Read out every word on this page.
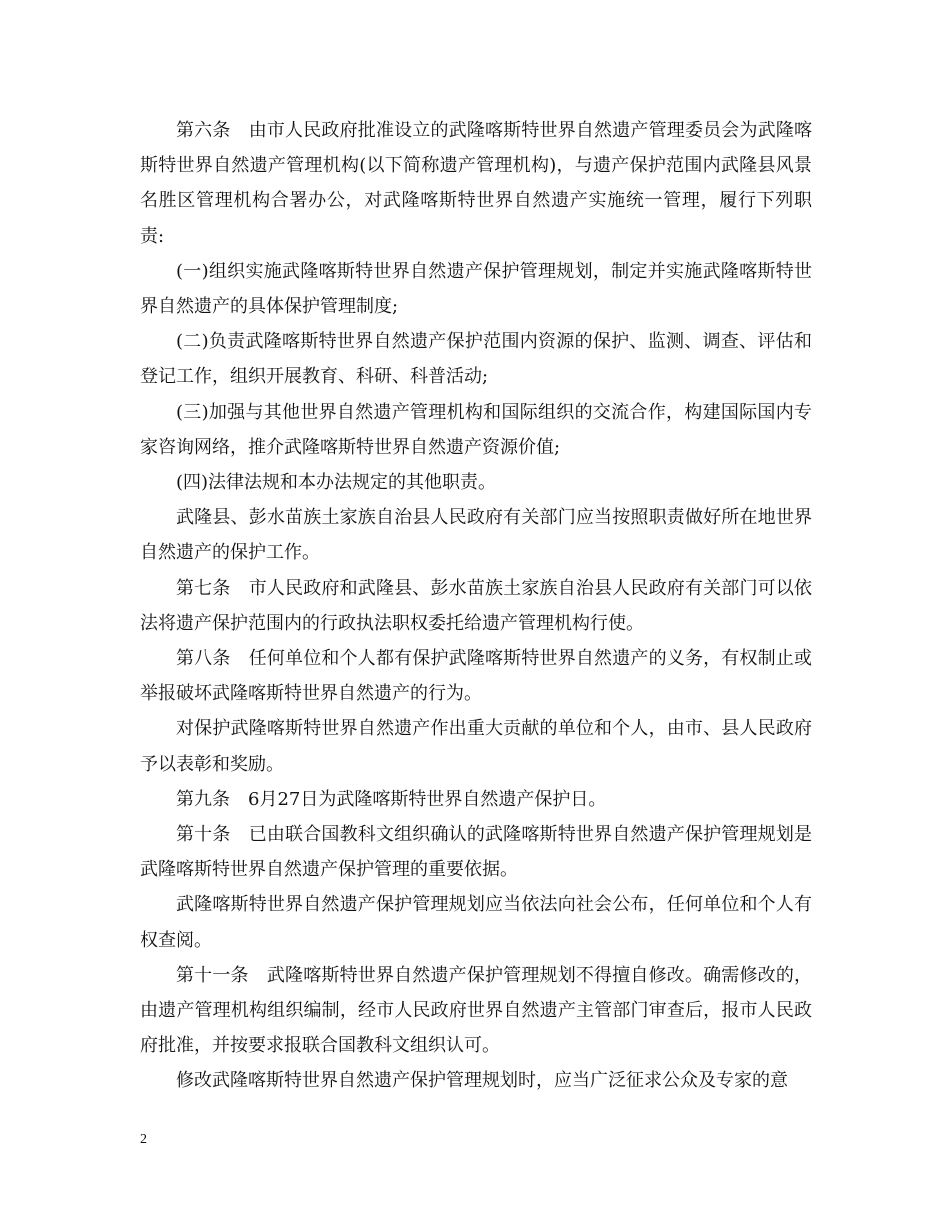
第六条　由市人民政府批准设立的武隆喀斯特世界自然遗产管理委员会为武隆喀斯特世界自然遗产管理机构(以下简称遗产管理机构)，与遗产保护范围内武隆县风景名胜区管理机构合署办公，对武隆喀斯特世界自然遗产实施统一管理，履行下列职责:

(一)组织实施武隆喀斯特世界自然遗产保护管理规划，制定并实施武隆喀斯特世界自然遗产的具体保护管理制度;

(二)负责武隆喀斯特世界自然遗产保护范围内资源的保护、监测、调查、评估和登记工作，组织开展教育、科研、科普活动;

(三)加强与其他世界自然遗产管理机构和国际组织的交流合作，构建国际国内专家咨询网络，推介武隆喀斯特世界自然遗产资源价值;

(四)法律法规和本办法规定的其他职责。

武隆县、彭水苗族土家族自治县人民政府有关部门应当按照职责做好所在地世界自然遗产的保护工作。

第七条　市人民政府和武隆县、彭水苗族土家族自治县人民政府有关部门可以依法将遗产保护范围内的行政执法职权委托给遗产管理机构行使。

第八条　任何单位和个人都有保护武隆喀斯特世界自然遗产的义务，有权制止或举报破坏武隆喀斯特世界自然遗产的行为。

对保护武隆喀斯特世界自然遗产作出重大贡献的单位和个人，由市、县人民政府予以表彰和奖励。

第九条　6月27日为武隆喀斯特世界自然遗产保护日。

第十条　已由联合国教科文组织确认的武隆喀斯特世界自然遗产保护管理规划是武隆喀斯特世界自然遗产保护管理的重要依据。

武隆喀斯特世界自然遗产保护管理规划应当依法向社会公布，任何单位和个人有权查阅。

第十一条　武隆喀斯特世界自然遗产保护管理规划不得擅自修改。确需修改的，由遗产管理机构组织编制，经市人民政府世界自然遗产主管部门审查后，报市人民政府批准，并按要求报联合国教科文组织认可。

修改武隆喀斯特世界自然遗产保护管理规划时，应当广泛征求公众及专家的意

2
